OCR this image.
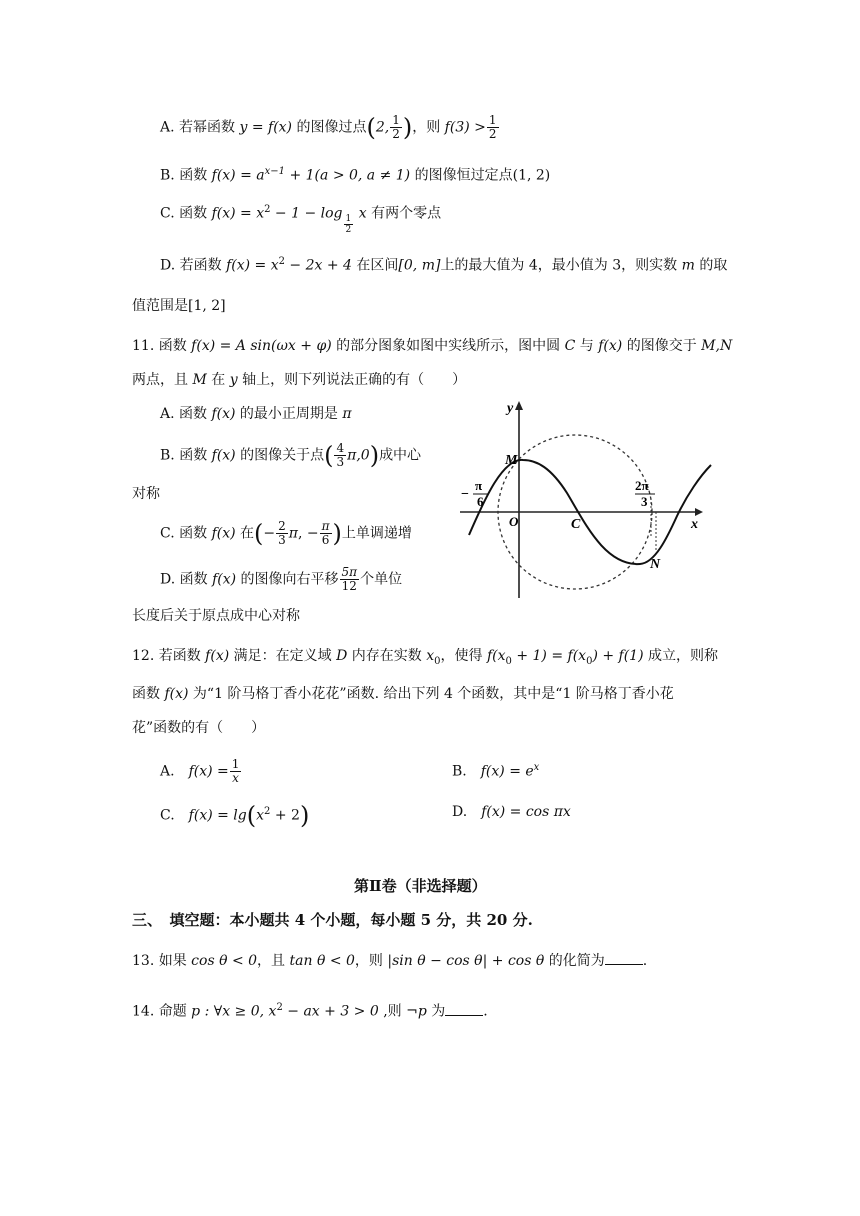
A. 若幂函数 y = f(x) 的图像过点(2, $\frac{1}{2}$ )，则 $f(3) > \frac{1}{2}$
B. 函数 $f(x) = a^{x-1} + 1(a > 0$, a ≠ 1) 的图像恒过定点(1, 2)
C. 函数 $f(x) = x^2 - 1 - \log \frac{1}{2}$ x 有两个零点
D. 若函数 $f(x) = x^2 - 2x + 4$ 在区间[0, m]上的最大值为 4，最小值为 3，则实数 m 的取
值范围是[1, 2]
11. 函数 f(x) = A sin(ωx + φ) 的部分图象如图中实线所示，图中圆 C 与 f(x) 的图像交于 M,N
两点，且 M 在 y 轴上，则下列说法正确的有（　　）
A. 函数 f(x) 的最小正周期是 π
B. 函数 f(x) 的图像关于点( $\frac{4}{3} \pi,0$)成中心
对称
C. 函数 f(x) 在(− $\frac{2}{3} \pi$, − $\frac{\pi}{6}$ )上单调递增
D. 函数 f(x) 的图像向右平移 $\frac{5\pi}{12}$ 个单位
长度后关于原点成中心对称
y
x
M
N
O	C
−
π
6
2π
3
12. 若函数 f(x) 满足：在定义域 D 内存在实数 $x_0$，使得 $f(x_0 + 1) = f(x_0) + f(1)$ 成立，则称
函数 f(x) 为“1 阶马格丁香小花花”函数. 给出下列 4 个函数，其中是“1 阶马格丁香小花
花”函数的有（　　）
A.　$f(x) = \frac{1}{x}$	B.　$f(x) = e^x$
C.　$f(x) = \lg(x^2 + 2)$	D.　f(x) = cos πx
第Ⅱ卷（非选择题）
三、　填空题：本小题共 4 个小题，每小题 5 分，共 20 分.
13. 如果 cos θ < 0，且 tan θ < 0，则 |sin θ − cos θ| + cos θ 的化简为	.
14. 命题 p : ∀x ≥ 0, $x^2$ − ax + 3 > 0 ,则 ¬p 为	.
